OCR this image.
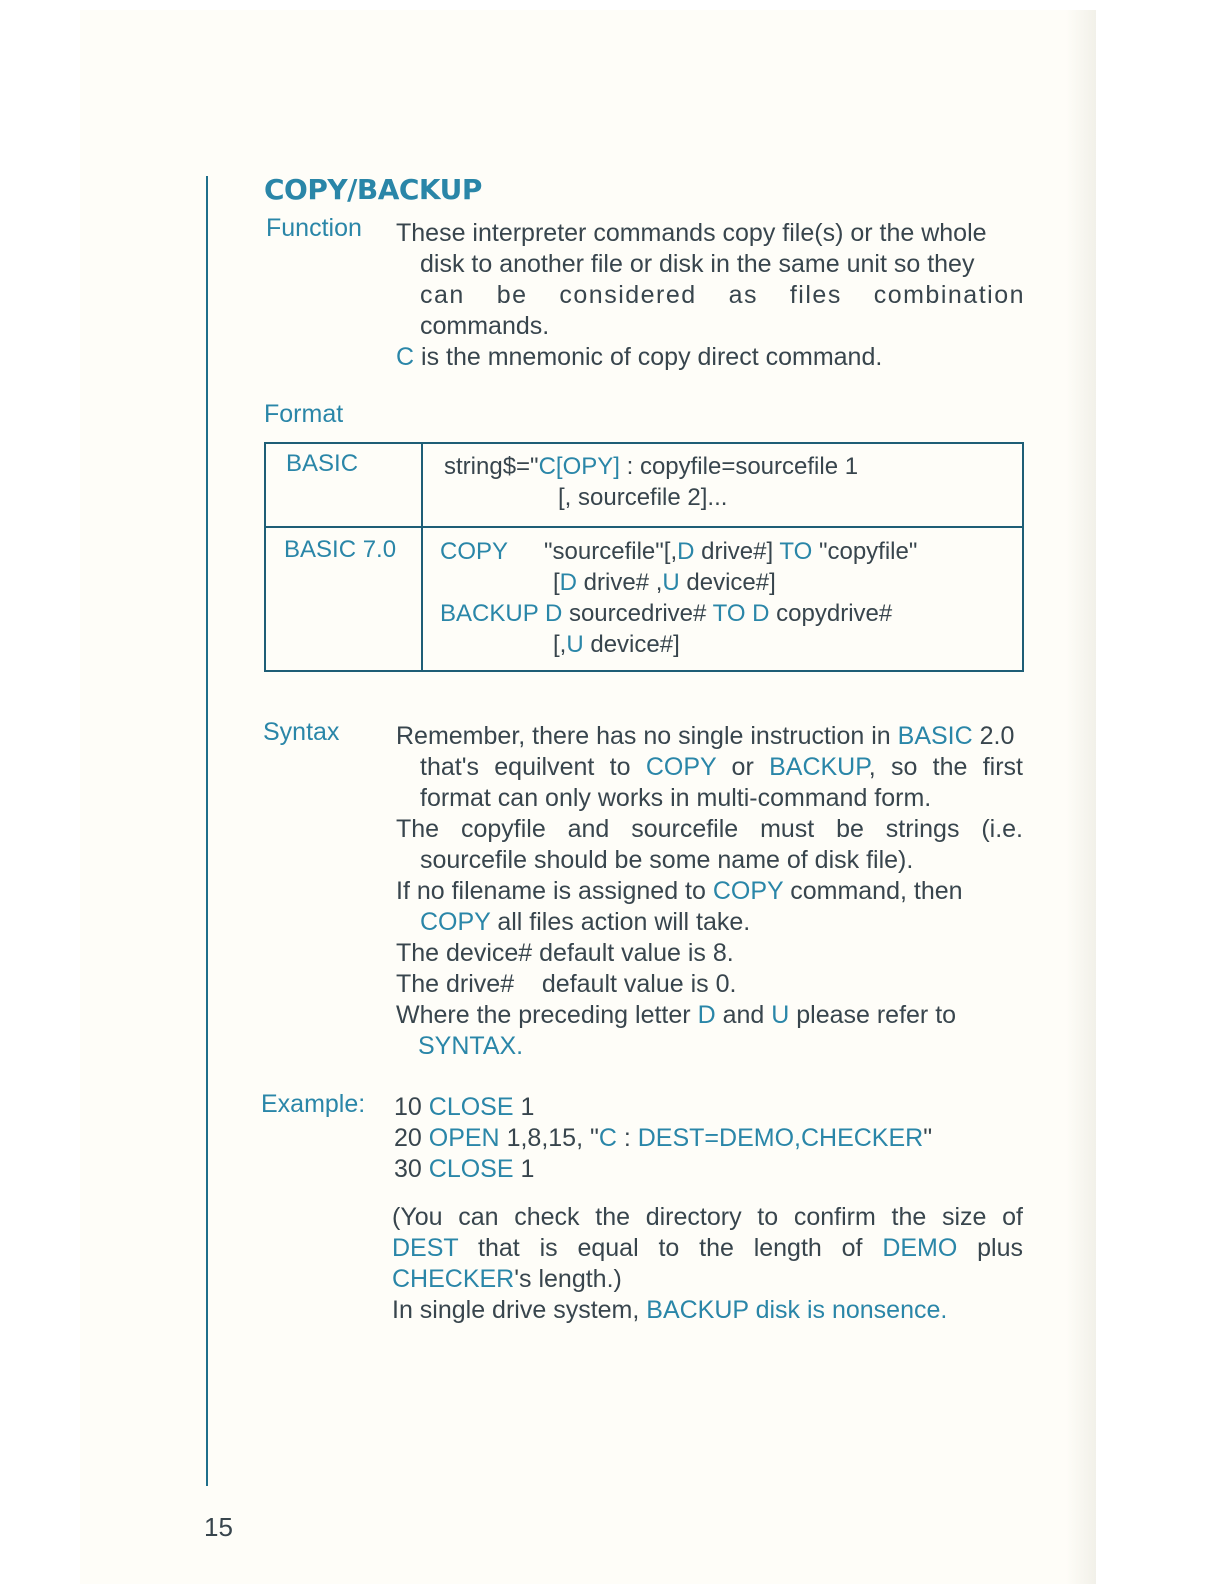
COPY/BACKUP
Function These interpreter commands copy file(s) or the whole
disk to another file or disk in the same unit so they
can be considered as files combination
commands.
C is the mnemonic of copy direct command.
Format
BASIC	string$="C[OPY] : copyfile=sourcefile 1
[, sourcefile 2]...

BASIC 7.0	COPY "sourcefile"[,D drive#] TO "copyfile"
[D drive# ,U device#]
BACKUP D sourcedrive# TO D copydrive#
[,U device#]
Syntax Remember, there has no single instruction in BASIC 2.0
that's equilvent to COPY or BACKUP, so the first
format can only works in multi-command form.
The copyfile and sourcefile must be strings (i.e.
sourcefile should be some name of disk file).
If no filename is assigned to COPY command, then
COPY all files action will take.
The device# default value is 8.
The drive#    default value is 0.
Where the preceding letter D and U please refer to
SYNTAX.
Example: 10 CLOSE 1
20 OPEN 1,8,15, "C : DEST=DEMO,CHECKER"
30 CLOSE 1
(You can check the directory to confirm the size of
DEST that is equal to the length of DEMO plus
CHECKER's length.)
In single drive system, BACKUP disk is nonsence.
15
